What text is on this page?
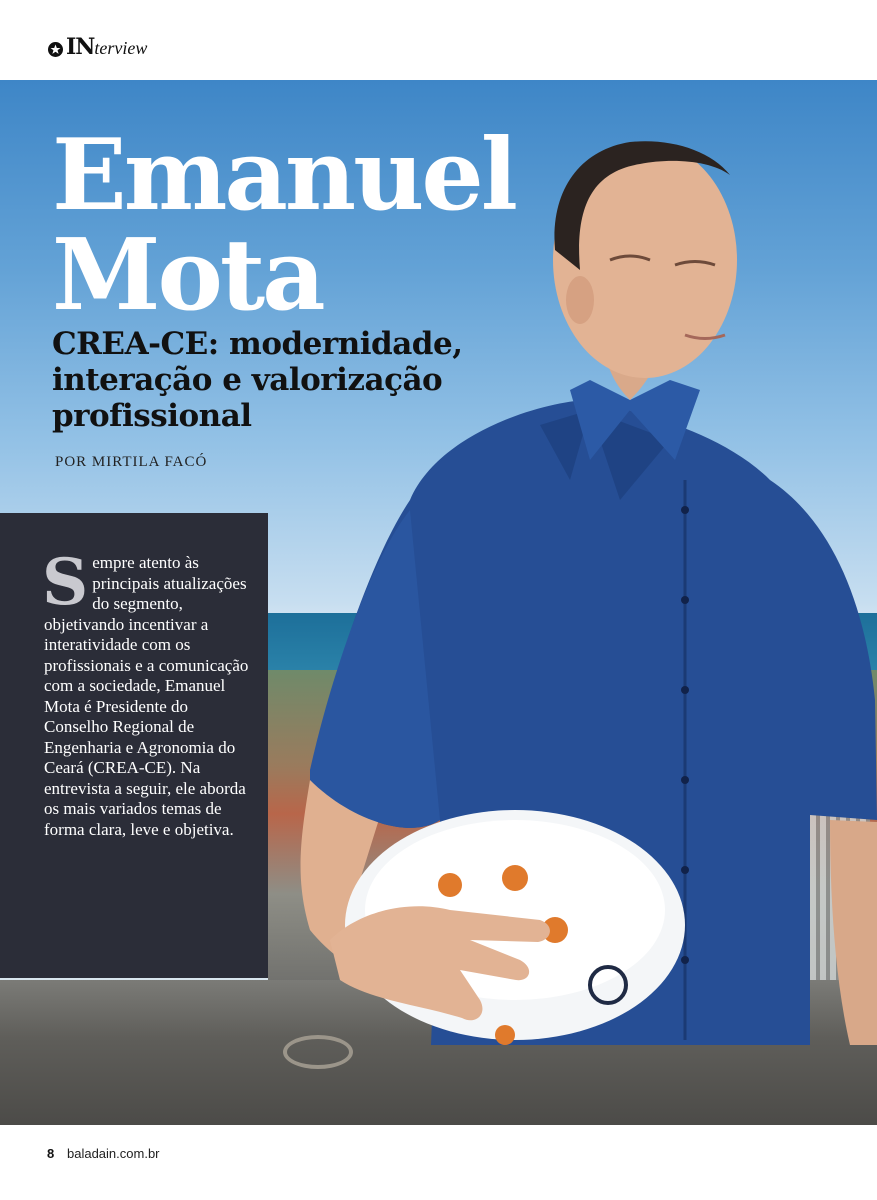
IN terview
Emanuel
Mota
CREA-CE: modernidade, interação e valorização profissional
POR MIRTILA FACÓ

Sempre atento às principais atualizações do segmento, objetivando incentivar a interatividade com os profissionais e a comunicação com a sociedade, Emanuel Mota é Presidente do Conselho Regional de Engenharia e Agronomia do Ceará (CREA-CE). Na entrevista a seguir, ele aborda os mais variados temas de forma clara, leve e objetiva.

8 baladain.com.br
